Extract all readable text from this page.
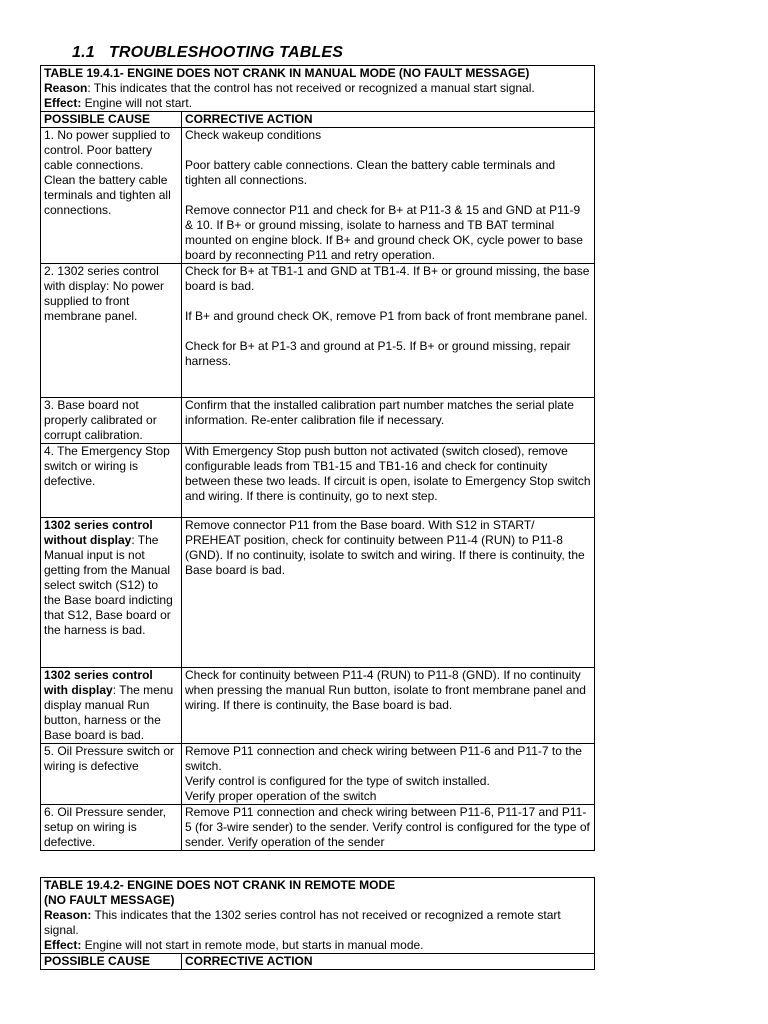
1.1 TROUBLESHOOTING TABLES
TABLE 19.4.1- ENGINE DOES NOT CRANK IN MANUAL MODE (NO FAULT MESSAGE)
Reason: This indicates that the control has not received or recognized a manual start signal.
Effect: Engine will not start.	

POSSIBLE CAUSE	CORRECTIVE ACTION
1. No power supplied to control. Poor battery cable connections. Clean the battery cable terminals and tighten all connections.	Check wakeup conditions
Poor battery cable connections. Clean the battery cable terminals and tighten all connections.
Remove connector P11 and check for B+ at P11-3 & 15 and GND at P11-9 & 10. If B+ or ground missing, isolate to harness and TB BAT terminal mounted on engine block. If B+ and ground check OK, cycle power to base board by reconnecting P11 and retry operation.

2. 1302 series control with display: No power supplied to front membrane panel.	Check for B+ at TB1-1 and GND at TB1-4. If B+ or ground missing, the base board is bad.
If B+ and ground check OK, remove P1 from back of front membrane panel.
Check for B+ at P1-3 and ground at P1-5. If B+ or ground missing, repair harness.

3. Base board not properly calibrated or corrupt calibration.	Confirm that the installed calibration part number matches the serial plate information. Re-enter calibration file if necessary.

4. The Emergency Stop switch or wiring is defective.	With Emergency Stop push button not activated (switch closed), remove configurable leads from TB1-15 and TB1-16 and check for continuity between these two leads. If circuit is open, isolate to Emergency Stop switch and wiring. If there is continuity, go to next step.

1302 series control without display: The Manual input is not getting from the Manual select switch (S12) to the Base board indicting that S12, Base board or the harness is bad.	Remove connector P11 from the Base board. With S12 in START/ PREHEAT position, check for continuity between P11-4 (RUN) to P11-8 (GND). If no continuity, isolate to switch and wiring. If there is continuity, the Base board is bad.

1302 series control with display: The menu display manual Run button, harness or the Base board is bad.	Check for continuity between P11-4 (RUN) to P11-8 (GND). If no continuity when pressing the manual Run button, isolate to front membrane panel and wiring. If there is continuity, the Base board is bad.

5. Oil Pressure switch or wiring is defective	Remove P11 connection and check wiring between P11-6 and P11-7 to the switch.
Verify control is configured for the type of switch installed.
Verify proper operation of the switch

6. Oil Pressure sender, setup on wiring is defective.	Remove P11 connection and check wiring between P11-6, P11-17 and P11-5 (for 3-wire sender) to the sender. Verify control is configured for the type of sender. Verify operation of the sender
TABLE 19.4.2- ENGINE DOES NOT CRANK IN REMOTE MODE
(NO FAULT MESSAGE)
Reason: This indicates that the 1302 series control has not received or recognized a remote start signal.
Effect: Engine will not start in remote mode, but starts in manual mode.

POSSIBLE CAUSE	CORRECTIVE ACTION
